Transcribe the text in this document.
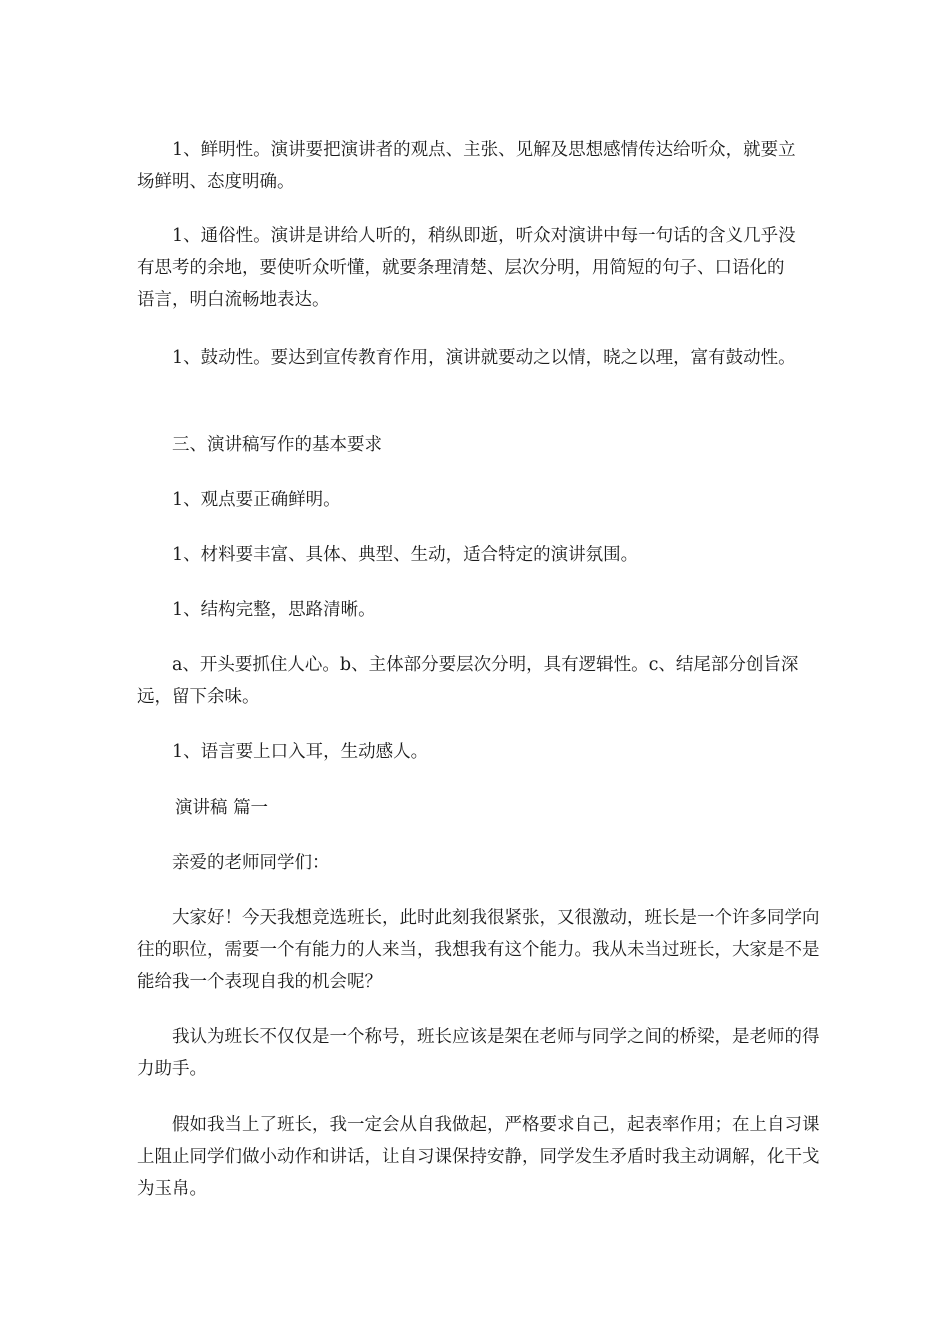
1、鲜明性。演讲要把演讲者的观点、主张、见解及思想感情传达给听众，就要立场鲜明、态度明确。

1、通俗性。演讲是讲给人听的，稍纵即逝，听众对演讲中每一句话的含义几乎没有思考的余地，要使听众听懂，就要条理清楚、层次分明，用简短的句子、口语化的语言，明白流畅地表达。

1、鼓动性。要达到宣传教育作用，演讲就要动之以情，晓之以理，富有鼓动性。

三、演讲稿写作的基本要求

1、观点要正确鲜明。

1、材料要丰富、具体、典型、生动，适合特定的演讲氛围。

1、结构完整，思路清晰。

a、开头要抓住人心。b、主体部分要层次分明，具有逻辑性。c、结尾部分创旨深远，留下余味。

1、语言要上口入耳，生动感人。

演讲稿 篇一

亲爱的老师同学们：

大家好！今天我想竞选班长，此时此刻我很紧张，又很激动，班长是一个许多同学向往的职位，需要一个有能力的人来当，我想我有这个能力。我从未当过班长，大家是不是能给我一个表现自我的机会呢？

我认为班长不仅仅是一个称号，班长应该是架在老师与同学之间的桥梁，是老师的得力助手。

假如我当上了班长，我一定会从自我做起，严格要求自己，起表率作用；在上自习课上阻止同学们做小动作和讲话，让自习课保持安静，同学发生矛盾时我主动调解，化干戈为玉帛。
